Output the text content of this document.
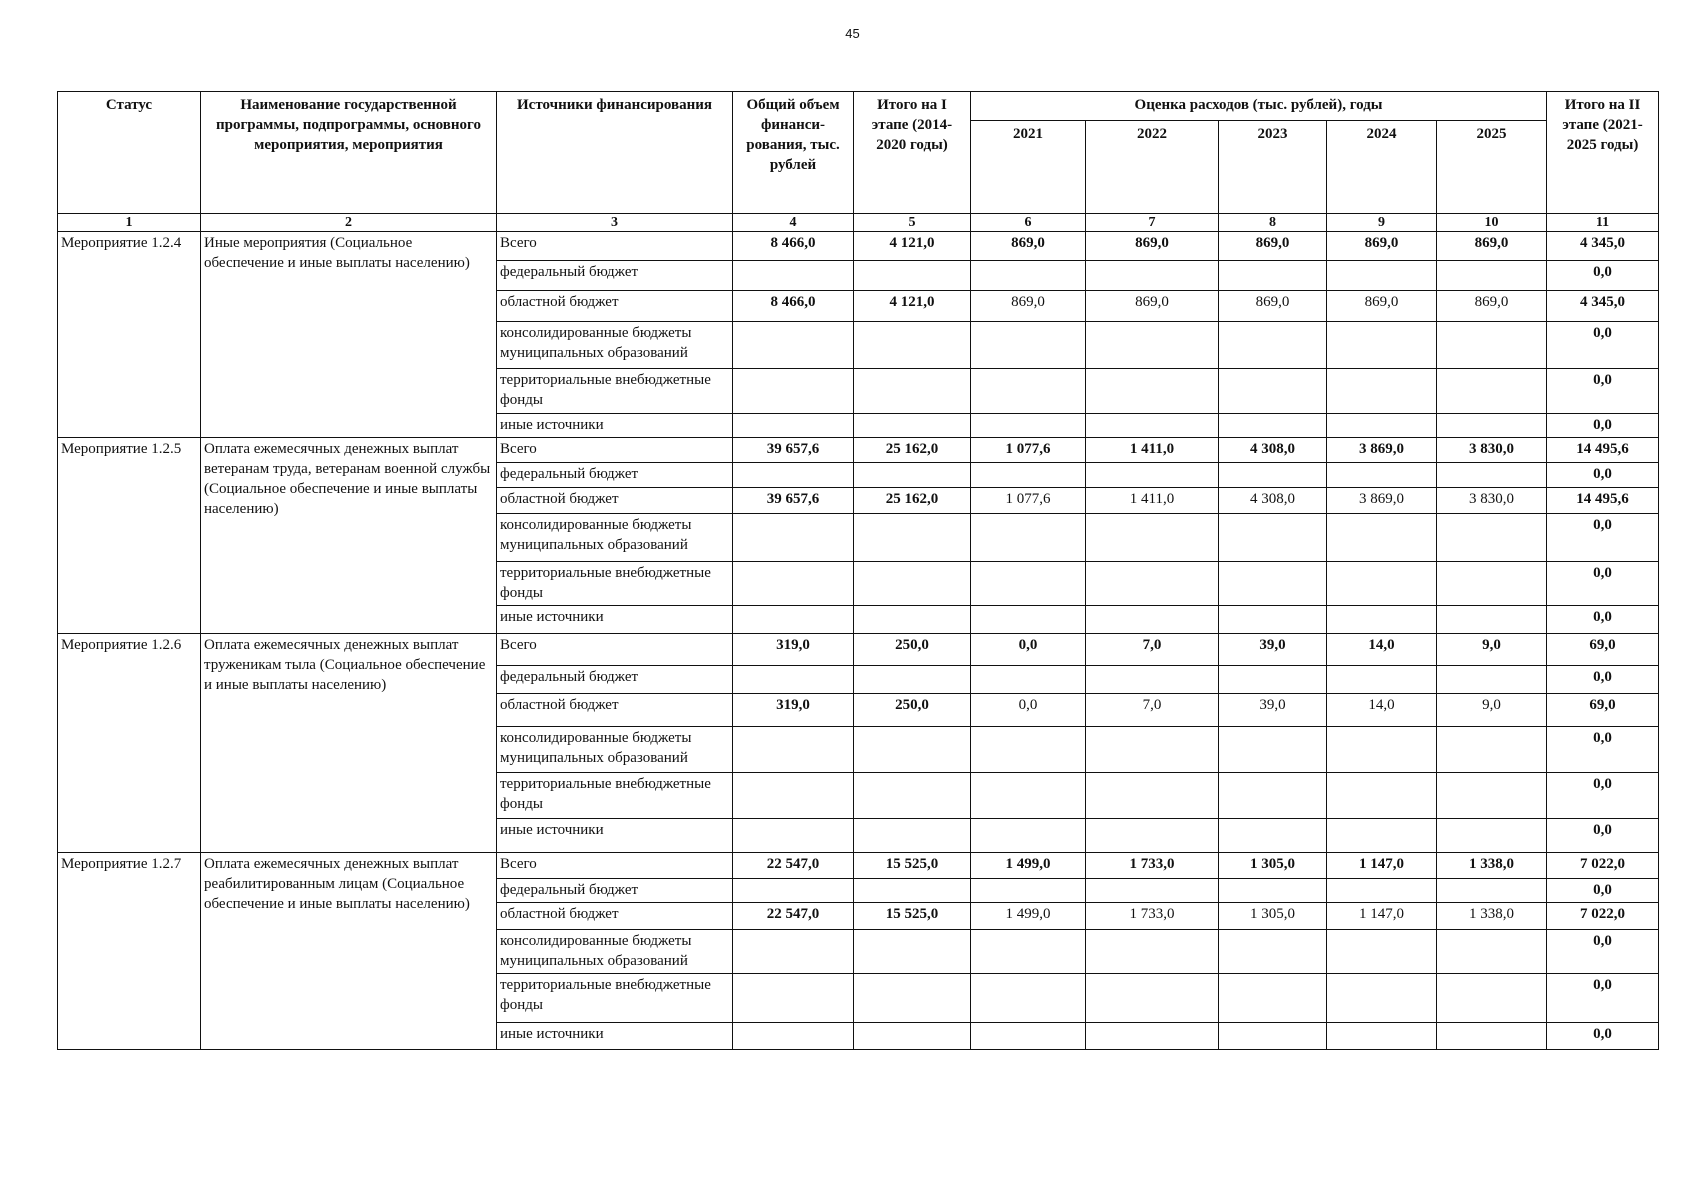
45
Статус	Наименование государственной программы, подпрограммы, основного мероприятия, мероприятия	Источники финансирования	Общий объем финанси-рования, тыс. рублей	Итого на I этапе (2014-2020 годы)	Оценка расходов (тыс. рублей), годы					Итого на II этапе (2021-2025 годы)
					2021	2022	2023	2024	2025	
1	2	3	4	5	6	7	8	9	10	11
Мероприятие 1.2.4	Иные мероприятия (Социальное обеспечение и иные выплаты населению)	Всего	8 466,0	4 121,0	869,0	869,0	869,0	869,0	869,0	4 345,0
		федеральный бюджет								0,0
		областной бюджет	8 466,0	4 121,0	869,0	869,0	869,0	869,0	869,0	4 345,0
		консолидированные бюджеты муниципальных образований								0,0
		территориальные внебюджетные фонды								0,0
		иные источники								0,0
Мероприятие 1.2.5	Оплата ежемесячных денежных выплат ветеранам труда, ветеранам военной службы (Социальное обеспечение и иные выплаты населению)	Всего	39 657,6	25 162,0	1 077,6	1 411,0	4 308,0	3 869,0	3 830,0	14 495,6
		федеральный бюджет								0,0
		областной бюджет	39 657,6	25 162,0	1 077,6	1 411,0	4 308,0	3 869,0	3 830,0	14 495,6
		консолидированные бюджеты муниципальных образований								0,0
		территориальные внебюджетные фонды								0,0
		иные источники								0,0
Мероприятие 1.2.6	Оплата ежемесячных денежных выплат труженикам тыла (Социальное обеспечение и иные выплаты населению)	Всего	319,0	250,0	0,0	7,0	39,0	14,0	9,0	69,0
		федеральный бюджет								0,0
		областной бюджет	319,0	250,0	0,0	7,0	39,0	14,0	9,0	69,0
		консолидированные бюджеты муниципальных образований								0,0
		территориальные внебюджетные фонды								0,0
		иные источники								0,0
Мероприятие 1.2.7	Оплата ежемесячных денежных выплат реабилитированным лицам (Социальное обеспечение и иные выплаты населению)	Всего	22 547,0	15 525,0	1 499,0	1 733,0	1 305,0	1 147,0	1 338,0	7 022,0
		федеральный бюджет								0,0
		областной бюджет	22 547,0	15 525,0	1 499,0	1 733,0	1 305,0	1 147,0	1 338,0	7 022,0
		консолидированные бюджеты муниципальных образований								0,0
		территориальные внебюджетные фонды								0,0
		иные источники								0,0
